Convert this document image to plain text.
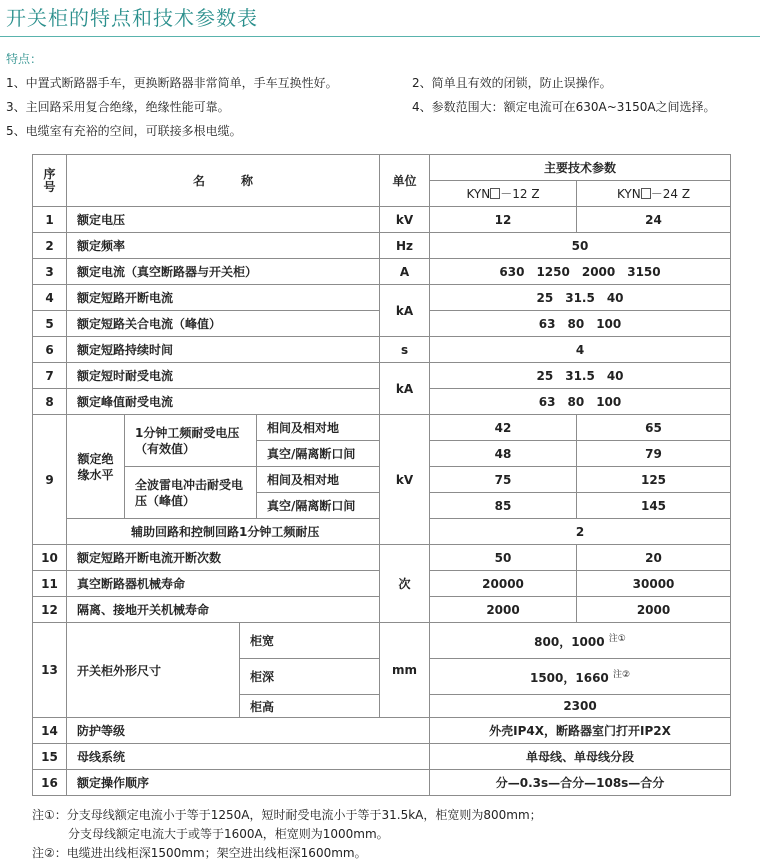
开关柜的特点和技术参数表
特点：
1、中置式断路器手车，更换断路器非常简单，手车互换性好。	2、简单且有效的闭锁，防止误操作。
3、主回路采用复合绝缘，绝缘性能可靠。	4、参数范围大：额定电流可在630A~3150A之间选择。
5、电缆室有充裕的空间，可联接多根电缆。
序号	名　　　称				单位	主要技术参数	
						KYN －12 Z	KYN －24 Z
1	额定电压				kV	12	24
2	额定频率				Hz	50	
3	额定电流（真空断路器与开关柜）				A	630　1250　2000　3150	
4	额定短路开断电流				kA	25　31.5　40	
5	额定短路关合电流（峰值）					63　80　100	
6	额定短路持续时间				s	4	
7	额定短时耐受电流				kA	25　31.5　40	
8	额定峰值耐受电流					63　80　100	
9	额定绝缘水平	1分钟工频耐受电压（有效值）		相间及相对地	kV	42	65
				真空/隔离断口间		48	79
		全波雷电冲击耐受电压（峰值）		相间及相对地		75	125
				真空/隔离断口间		85	145
	辅助回路和控制回路1分钟工频耐压					2	
10	额定短路开断电流开断次数				次	50	20
11	真空断路器机械寿命					20000	30000
12	隔离、接地开关机械寿命					2000	2000
13	开关柜外形尺寸		柜宽		mm	800，1000 $^{注①}$
			柜深			1500，1660 $^{注②}$
			柜高			2300	
14	防护等级					外壳IP4X，断路器室门打开IP2X	
15	母线系统					单母线、单母线分段	
16	额定操作顺序					分—0.3s—合分—108s—合分	
注①：分支母线额定电流小于等于1250A，短时耐受电流小于等于31.5kA，柜宽则为800mm；
　　　分支母线额定电流大于或等于1600A，柜宽则为1000mm。
注②：电缆进出线柜深1500mm；架空进出线柜深1600mm。
